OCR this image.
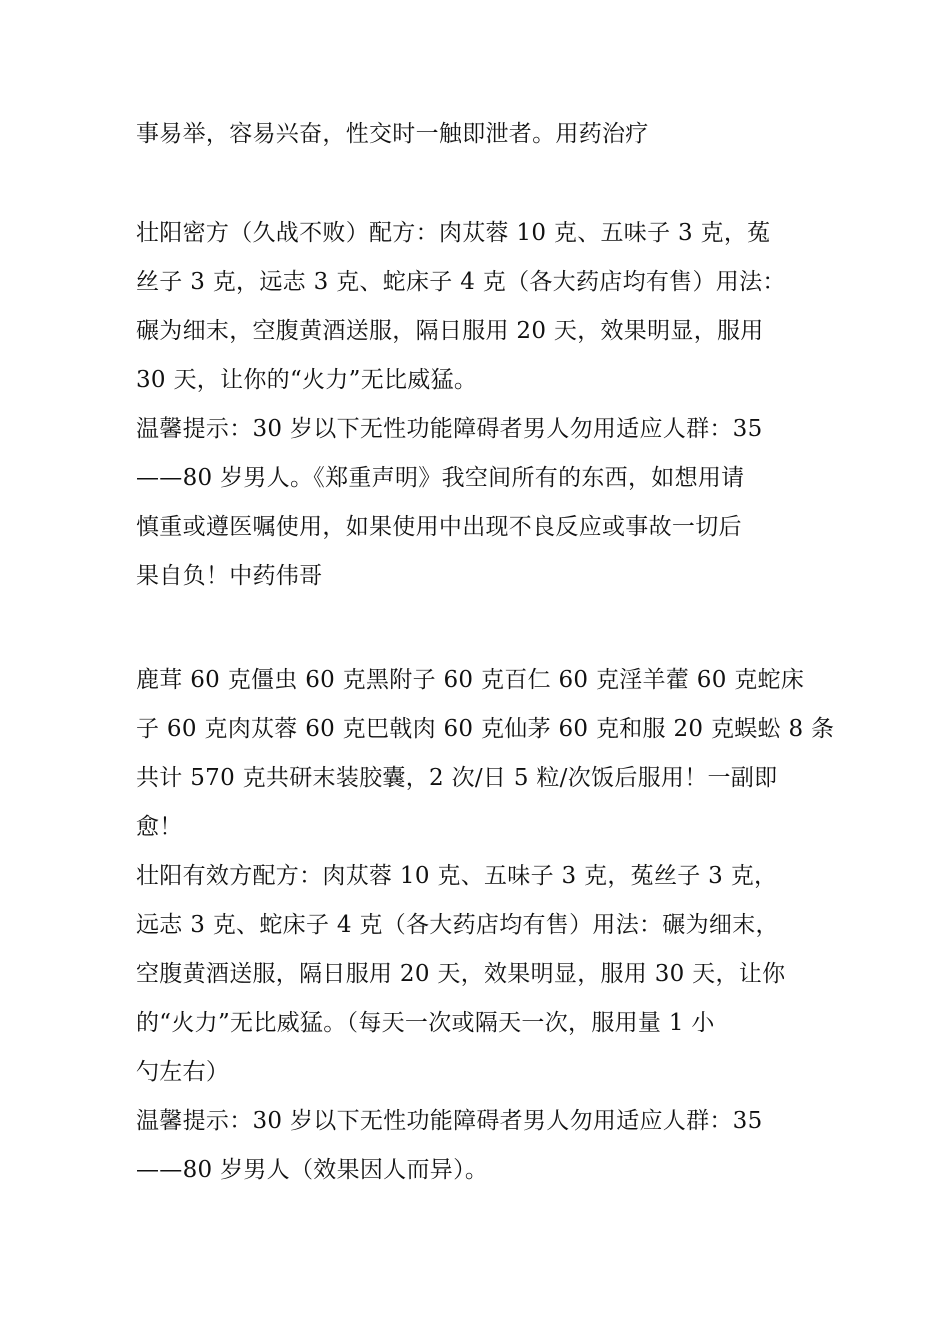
事易举，容易兴奋，性交时一触即泄者。用药治疗
壮阳密方（久战不败）配方：肉苁蓉 10 克、五味子 3 克，菟
丝子 3 克，远志 3 克、蛇床子 4 克（各大药店均有售）用法：
碾为细末，空腹黄酒送服，隔日服用 20 天，效果明显，服用
30 天，让你的“火力”无比威猛。
温馨提示：30 岁以下无性功能障碍者男人勿用适应人群：35
——80 岁男人。《郑重声明》我空间所有的东西，如想用请
慎重或遵医嘱使用，如果使用中出现不良反应或事故一切后
果自负！中药伟哥
鹿茸 60 克僵虫 60 克黑附子 60 克百仁 60 克淫羊藿 60 克蛇床
子 60 克肉苁蓉 60 克巴戟肉 60 克仙茅 60 克和服 20 克蜈蚣 8 条
共计 570 克共研末装胶囊，2 次/日 5 粒/次饭后服用！一副即
愈！
壮阳有效方配方：肉苁蓉 10 克、五味子 3 克，菟丝子 3 克，
远志 3 克、蛇床子 4 克（各大药店均有售）用法：碾为细末，
空腹黄酒送服，隔日服用 20 天，效果明显，服用 30 天，让你
的“火力”无比威猛。（每天一次或隔天一次，服用量 1 小
勺左右）
温馨提示：30 岁以下无性功能障碍者男人勿用适应人群：35
——80 岁男人（效果因人而异）。
